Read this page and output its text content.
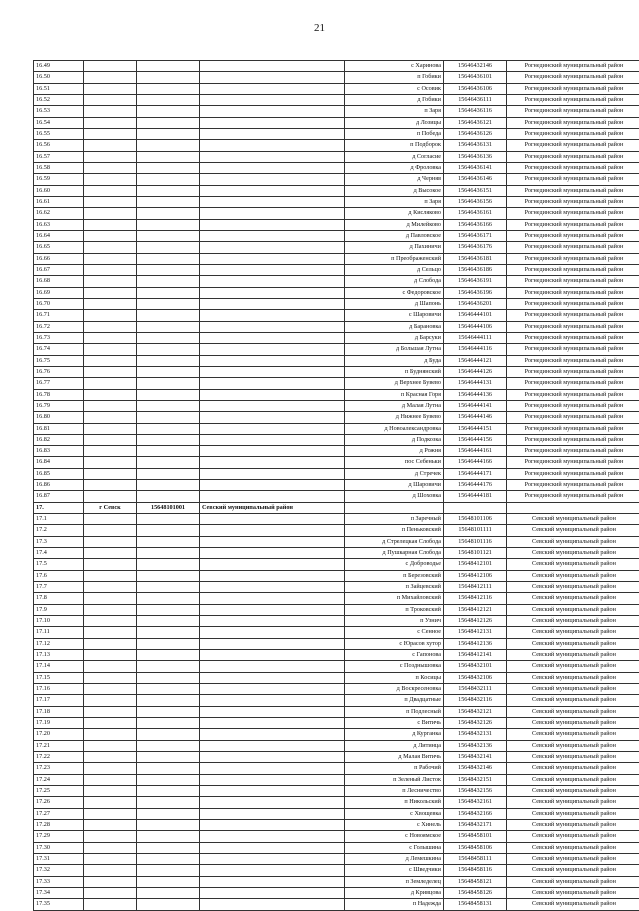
21
16.49				с Харинова	15646432146	Рогнединский муниципальный район
16.50				п Гобики	15646436101	Рогнединский муниципальный район
16.51				с Осовик	15646436106	Рогнединский муниципальный район
16.52				д Гобики	15646436111	Рогнединский муниципальный район
16.53				п Заря	15646436116	Рогнединский муниципальный район
16.54				д Лозицы	15646436121	Рогнединский муниципальный район
16.55				п Победа	15646436126	Рогнединский муниципальный район
16.56				п Подборок	15646436131	Рогнединский муниципальный район
16.57				д Согласие	15646436136	Рогнединский муниципальный район
16.58				д Фроловка	15646436141	Рогнединский муниципальный район
16.59				д Черняв	15646436146	Рогнединский муниципальный район
16.60				д Высокое	15646436151	Рогнединский муниципальный район
16.61				п Заря	15646436156	Рогнединский муниципальный район
16.62				д Кисляково	15646436161	Рогнединский муниципальный район
16.63				д Милейково	15646436166	Рогнединский муниципальный район
16.64				д Павловское	15646436171	Рогнединский муниципальный район
16.65				д Пахиничи	15646436176	Рогнединский муниципальный район
16.66				п Преображенский	15646436181	Рогнединский муниципальный район
16.67				д Сельцо	15646436186	Рогнединский муниципальный район
16.68				д Слобода	15646436191	Рогнединский муниципальный район
16.69				с Федоровское	15646436196	Рогнединский муниципальный район
16.70				д Шапонь	15646436201	Рогнединский муниципальный район
16.71				с Шаровичи	15646444101	Рогнединский муниципальный район
16.72				д Барановка	15646444106	Рогнединский муниципальный район
16.73				д Барсуки	15646444111	Рогнединский муниципальный район
16.74				д Большая Лутна	15646444116	Рогнединский муниципальный район
16.75				д Буда	15646444121	Рогнединский муниципальный район
16.76				п Буднянский	15646444126	Рогнединский муниципальный район
16.77				д Верхнее Бувево	15646444131	Рогнединский муниципальный район
16.78				п Красная Горя	15646444136	Рогнединский муниципальный район
16.79				д Малая Лутна	15646444141	Рогнединский муниципальный район
16.80				д Нижнее Бувево	15646444146	Рогнединский муниципальный район
16.81				д Новоалександровка	15646444151	Рогнединский муниципальный район
16.82				д Подкозка	15646444156	Рогнединский муниципальный район
16.83				д Рожня	15646444161	Рогнединский муниципальный район
16.84				пос Себеньки	15646444166	Рогнединский муниципальный район
16.85				д Стречек	15646444171	Рогнединский муниципальный район
16.86				д Шаровичи	15646444176	Рогнединский муниципальный район
16.87				д Шоховка	15646444181	Рогнединский муниципальный район
17.	г Севск	15648101001	Севский муниципальный район			
17.1				п Заречный	15648101106	Севский муниципальный район
17.2				п Пеньковский	15648101111	Севский муниципальный район
17.3				д Стрелецкая Слобода	15648101116	Севский муниципальный район
17.4				д Пушкарная Слобода	15648101121	Севский муниципальный район
17.5				с Доброводье	15648412101	Севский муниципальный район
17.6				п Березовский	15648412106	Севский муниципальный район
17.7				п Зайцевский	15648412111	Севский муниципальный район
17.8				п Михайловский	15648412116	Севский муниципальный район
17.9				п Троковский	15648412121	Севский муниципальный район
17.10				п Узнич	15648412126	Севский муниципальный район
17.11				с Сенное	15648412131	Севский муниципальный район
17.12				с Юрасов хутор	15648412136	Севский муниципальный район
17.13				с Гапонова	15648412141	Севский муниципальный район
17.14				с Позднышовка	15648432101	Севский муниципальный район
17.15				п Косицы	15648432106	Севский муниципальный район
17.16				д Воскресеновка	15648432111	Севский муниципальный район
17.17				п Двадцатные	15648432116	Севский муниципальный район
17.18				п Подлесный	15648432121	Севский муниципальный район
17.19				с Витичь	15648432126	Севский муниципальный район
17.20				д Курганка	15648432131	Севский муниципальный район
17.21				д Литинца	15648432136	Севский муниципальный район
17.22				д Малая Витичь	15648432141	Севский муниципальный район
17.23				п Рабочий	15648432146	Севский муниципальный район
17.24				п Зеленый Листок	15648432151	Севский муниципальный район
17.25				п Лесничество	15648432156	Севский муниципальный район
17.26				п Никольский	15648432161	Севский муниципальный район
17.27				с Хвощевка	15648432166	Севский муниципальный район
17.28				с Хинель	15648432171	Севский муниципальный район
17.29				с Новоямское	15648458101	Севский муниципальный район
17.30				с Голышина	15648458106	Севский муниципальный район
17.31				д Лемешкина	15648458111	Севский муниципальный район
17.32				с Шведчики	15648458116	Севский муниципальный район
17.33				п Земледелец	15648458121	Севский муниципальный район
17.34				д Кривцова	15648458126	Севский муниципальный район
17.35				п Надежда	15648458131	Севский муниципальный район
